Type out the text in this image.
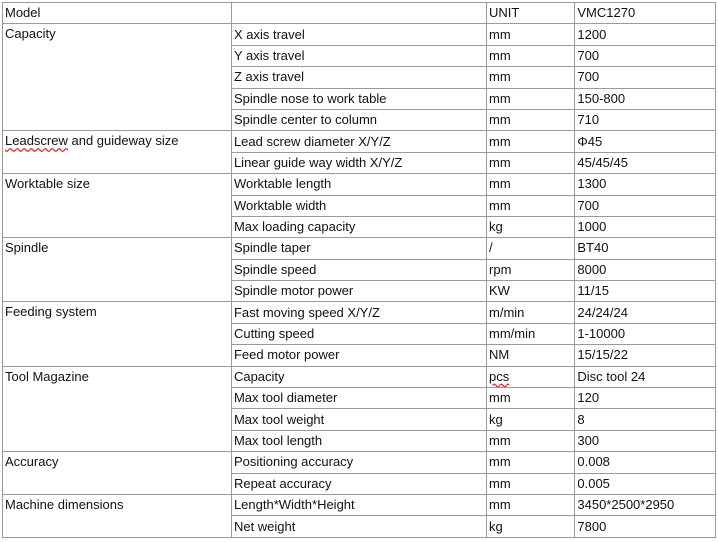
Model		UNIT	VMC1270
Capacity	X axis travel	mm	1200
	Y axis travel	mm	700
	Z axis travel	mm	700
	Spindle nose to work table	mm	150-800
	Spindle center to column	mm	710
Leadscrew and guideway size	Lead screw diameter X/Y/Z	mm	Φ45
	Linear guide way width X/Y/Z	mm	45/45/45
Worktable size	Worktable length	mm	1300
	Worktable width	mm	700
	Max loading capacity	kg	1000
Spindle	Spindle taper	/	BT40
	Spindle speed	rpm	8000
	Spindle motor power	KW	11/15
Feeding system	Fast moving speed X/Y/Z	m/min	24/24/24
	Cutting speed	mm/min	1-10000
	Feed motor power	NM	15/15/22
Tool Magazine	Capacity	pcs	Disc tool 24
	Max tool diameter	mm	120
	Max tool weight	kg	8
	Max tool length	mm	300
Accuracy	Positioning accuracy	mm	0.008
	Repeat accuracy	mm	0.005
Machine dimensions	Length*Width*Height	mm	3450*2500*2950
	Net weight	kg	7800
